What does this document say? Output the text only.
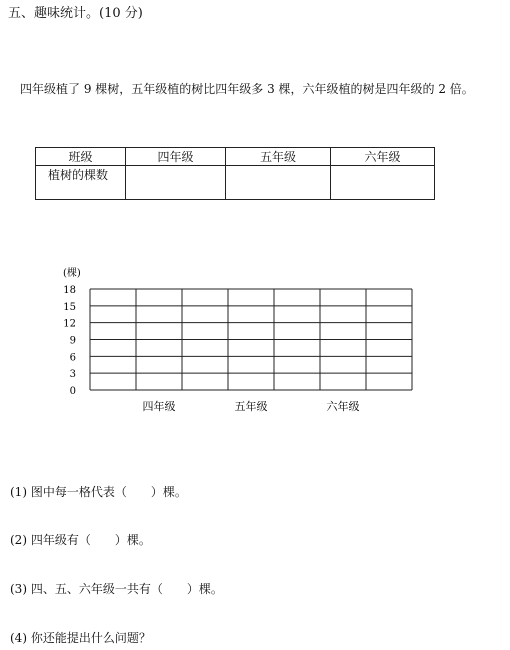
五、趣味统计。(10 分)
四年级植了 9 棵树，五年级植的树比四年级多 3 棵，六年级植的树是四年级的 2 倍。
班级	四年级	五年级	六年级
植树的棵数			
(棵)
18
15
12
9
6
3
0
四年级	五年级	六年级
(1) 图中每一格代表（　　）棵。
(2) 四年级有（　　）棵。
(3) 四、五、六年级一共有（　　）棵。
(4) 你还能提出什么问题？
